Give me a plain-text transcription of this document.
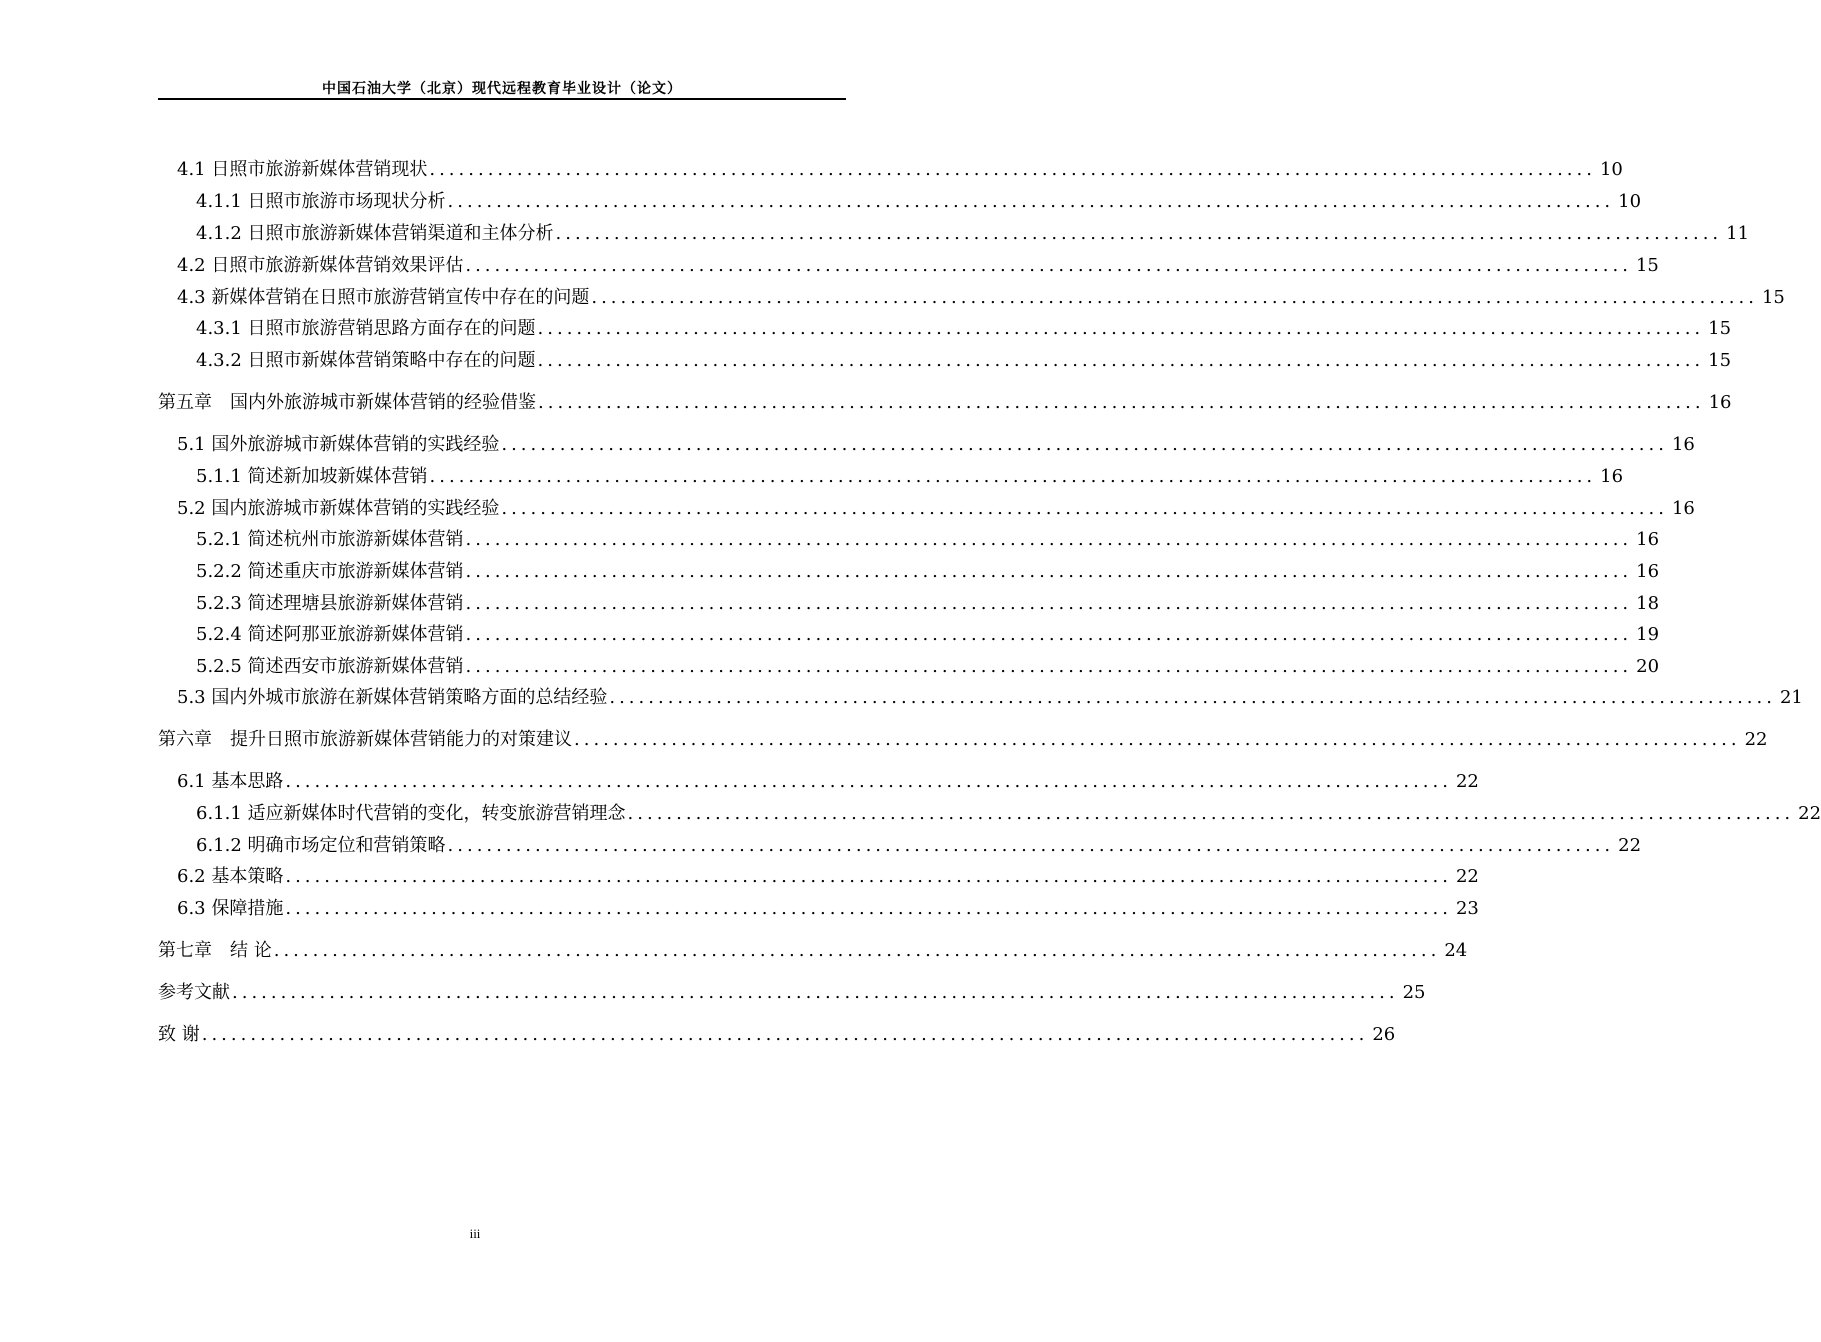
中国石油大学（北京）现代远程教育毕业设计（论文）
4.1 日照市旅游新媒体营销现状 ........................................................................................................................ 10
4.1.1 日照市旅游市场现状分析 ........................................................................................................................ 10
4.1.2 日照市旅游新媒体营销渠道和主体分析 ........................................................................................................................ 11
4.2 日照市旅游新媒体营销效果评估 ........................................................................................................................ 15
4.3 新媒体营销在日照市旅游营销宣传中存在的问题 ........................................................................................................................ 15
4.3.1 日照市旅游营销思路方面存在的问题 ........................................................................................................................ 15
4.3.2 日照市新媒体营销策略中存在的问题 ........................................................................................................................ 15
第五章　国内外旅游城市新媒体营销的经验借鉴 ........................................................................................................................ 16
5.1 国外旅游城市新媒体营销的实践经验 ........................................................................................................................ 16
5.1.1 简述新加坡新媒体营销 ........................................................................................................................ 16
5.2 国内旅游城市新媒体营销的实践经验 ........................................................................................................................ 16
5.2.1 简述杭州市旅游新媒体营销 ........................................................................................................................ 16
5.2.2 简述重庆市旅游新媒体营销 ........................................................................................................................ 16
5.2.3 简述理塘县旅游新媒体营销 ........................................................................................................................ 18
5.2.4 简述阿那亚旅游新媒体营销 ........................................................................................................................ 19
5.2.5 简述西安市旅游新媒体营销 ........................................................................................................................ 20
5.3 国内外城市旅游在新媒体营销策略方面的总结经验 ........................................................................................................................ 21
第六章　提升日照市旅游新媒体营销能力的对策建议 ........................................................................................................................ 22
6.1 基本思路 ........................................................................................................................ 22
6.1.1 适应新媒体时代营销的变化，转变旅游营销理念 ........................................................................................................................ 22
6.1.2 明确市场定位和营销策略 ........................................................................................................................ 22
6.2 基本策略 ........................................................................................................................ 22
6.3 保障措施 ........................................................................................................................ 23
第七章　结 论 ........................................................................................................................ 24
参考文献 ........................................................................................................................ 25
致 谢 ........................................................................................................................ 26
iii
